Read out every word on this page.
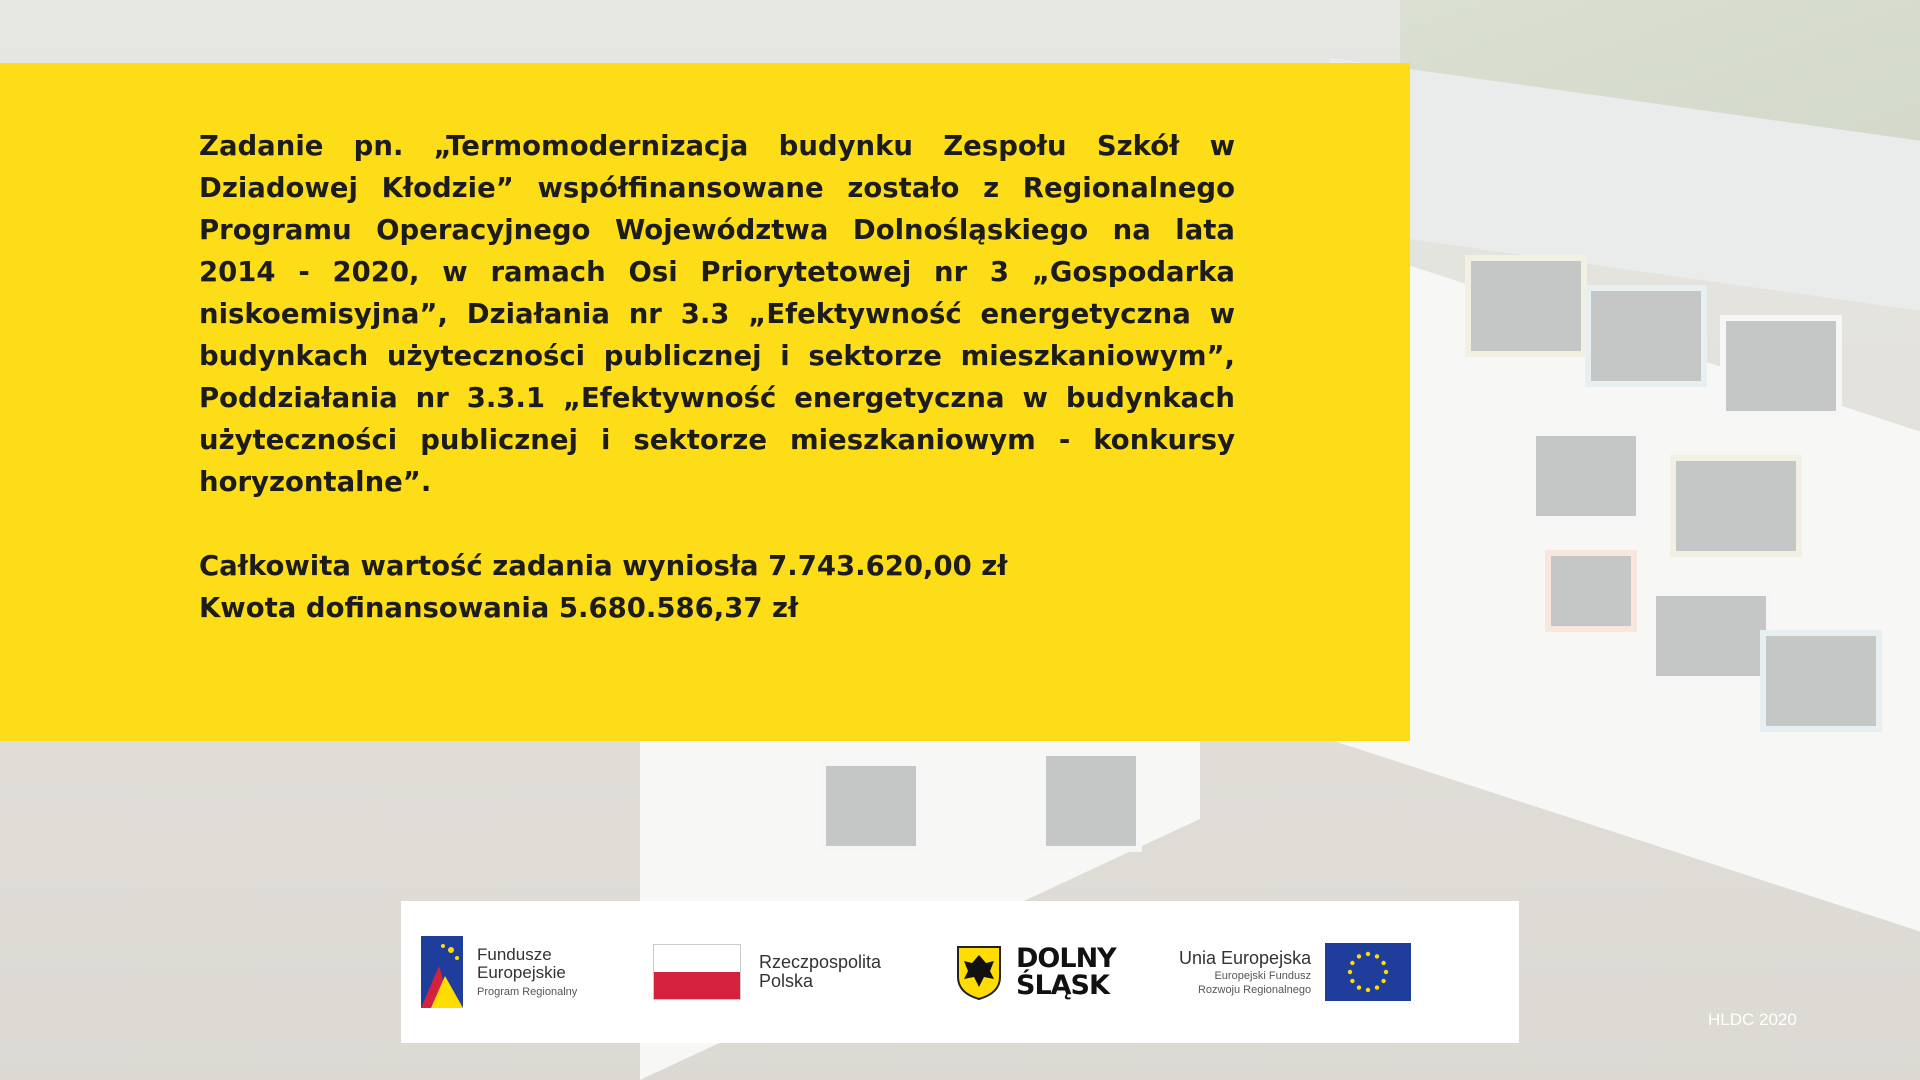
Zadanie pn. „Termomodernizacja budynku Zespołu Szkół w Dziadowej Kłodzie” współfinansowane zostało z Regionalnego Programu Operacyjnego Województwa Dolnośląskiego na lata 2014 - 2020, w ramach Osi Priorytetowej nr 3 „Gospodarka niskoemisyjna”, Działania nr 3.3 „Efektywność energetyczna w budynkach użyteczności publicznej i sektorze mieszkaniowym”, Poddziałania nr 3.3.1 „Efektywność energetyczna w budynkach użyteczności publicznej i sektorze mieszkaniowym - konkursy horyzontalne”.

Całkowita wartość zadania wyniosła 7.743.620,00 zł

Kwota dofinansowania 5.680.586,37 zł

Fundusze
Europejskie
Program Regionalny
Rzeczpospolita
Polska
DOLNY
ŚLĄSK
Unia Europejska
Europejski Fundusz
Rozwoju Regionalnego
HLDC 2020
